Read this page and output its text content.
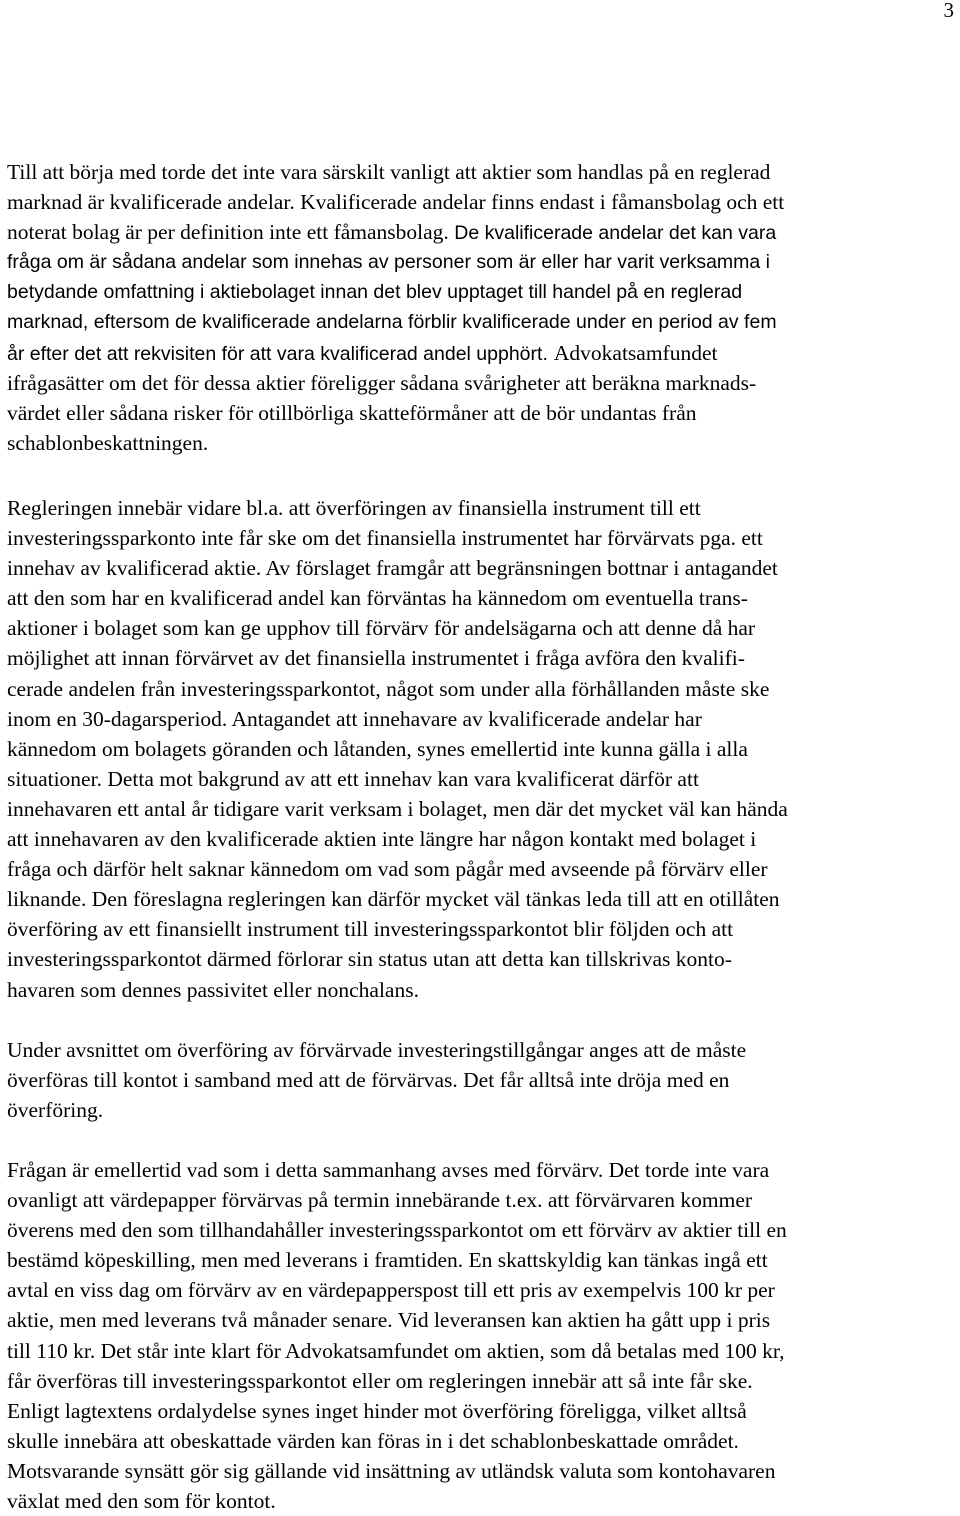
3
Till att börja med torde det inte vara särskilt vanligt att aktier som handlas på en reglerad
marknad är kvalificerade andelar. Kvalificerade andelar finns endast i fåmansbolag och ett
noterat bolag är per definition inte ett fåmansbolag. De kvalificerade andelar det kan vara
fråga om är sådana andelar som innehas av personer som är eller har varit verksamma i
betydande omfattning i aktiebolaget innan det blev upptaget till handel på en reglerad
marknad, eftersom de kvalificerade andelarna förblir kvalificerade under en period av fem
år efter det att rekvisiten för att vara kvalificerad andel upphört. Advokatsamfundet
ifrågasätter om det för dessa aktier föreligger sådana svårigheter att beräkna marknads-
värdet eller sådana risker för otillbörliga skatteförmåner att de bör undantas från
schablonbeskattningen.
Regleringen innebär vidare bl.a. att överföringen av finansiella instrument till ett
investeringssparkonto inte får ske om det finansiella instrumentet har förvärvats pga. ett
innehav av kvalificerad aktie. Av förslaget framgår att begränsningen bottnar i antagandet
att den som har en kvalificerad andel kan förväntas ha kännedom om eventuella trans-
aktioner i bolaget som kan ge upphov till förvärv för andelsägarna och att denne då har
möjlighet att innan förvärvet av det finansiella instrumentet i fråga avföra den kvalifi-
cerade andelen från investeringssparkontot, något som under alla förhållanden måste ske
inom en 30-dagarsperiod. Antagandet att innehavare av kvalificerade andelar har
kännedom om bolagets göranden och låtanden, synes emellertid inte kunna gälla i alla
situationer. Detta mot bakgrund av att ett innehav kan vara kvalificerat därför att
innehavaren ett antal år tidigare varit verksam i bolaget, men där det mycket väl kan hända
att innehavaren av den kvalificerade aktien inte längre har någon kontakt med bolaget i
fråga och därför helt saknar kännedom om vad som pågår med avseende på förvärv eller
liknande. Den föreslagna regleringen kan därför mycket väl tänkas leda till att en otillåten
överföring av ett finansiellt instrument till investeringssparkontot blir följden och att
investeringssparkontot därmed förlorar sin status utan att detta kan tillskrivas konto-
havaren som dennes passivitet eller nonchalans.
Under avsnittet om överföring av förvärvade investeringstillgångar anges att de måste
överföras till kontot i samband med att de förvärvas. Det får alltså inte dröja med en
överföring.
Frågan är emellertid vad som i detta sammanhang avses med förvärv. Det torde inte vara
ovanligt att värdepapper förvärvas på termin innebärande t.ex. att förvärvaren kommer
överens med den som tillhandahåller investeringssparkontot om ett förvärv av aktier till en
bestämd köpeskilling, men med leverans i framtiden. En skattskyldig kan tänkas ingå ett
avtal en viss dag om förvärv av en värdepapperspost till ett pris av exempelvis 100 kr per
aktie, men med leverans två månader senare. Vid leveransen kan aktien ha gått upp i pris
till 110 kr. Det står inte klart för Advokatsamfundet om aktien, som då betalas med 100 kr,
får överföras till investeringssparkontot eller om regleringen innebär att så inte får ske.
Enligt lagtextens ordalydelse synes inget hinder mot överföring föreligga, vilket alltså
skulle innebära att obeskattade värden kan föras in i det schablonbeskattade området.
Motsvarande synsätt gör sig gällande vid insättning av utländsk valuta som kontohavaren
växlat med den som för kontot.
